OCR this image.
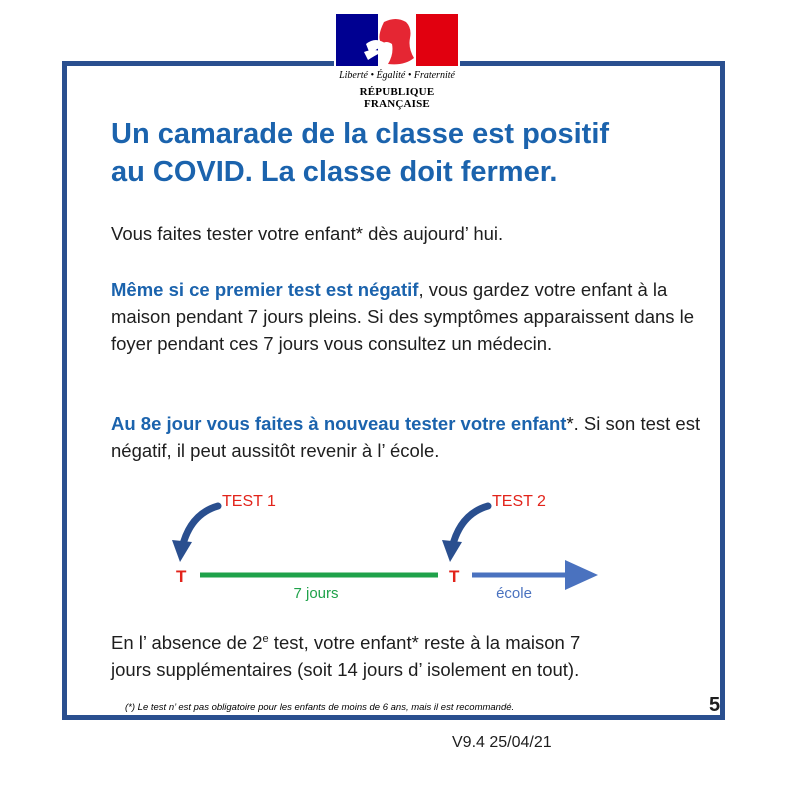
Liberté • Égalité • Fraternité
RÉPUBLIQUE FRANÇAISE
Un camarade de la classe est positif
au COVID. La classe doit fermer.
Vous faites tester votre enfant* dès aujourd’ hui.
Même si ce premier test est négatif, vous gardez votre enfant à la maison pendant 7 jours pleins. Si des symptômes apparaissent dans le foyer pendant ces 7 jours vous consultez un médecin.
Au 8e jour vous faites à nouveau tester votre enfant*. Si son test est négatif, il peut aussitôt revenir à l’ école.
TEST 1	TEST 2
T	T
7 jours	école
En l’ absence de 2e test, votre enfant* reste à la maison 7
jours supplémentaires (soit 14 jours d’ isolement en tout).
(*) Le test n’ est pas obligatoire pour les enfants de moins de 6 ans, mais il est recommandé.	5
V9.4 25/04/21
